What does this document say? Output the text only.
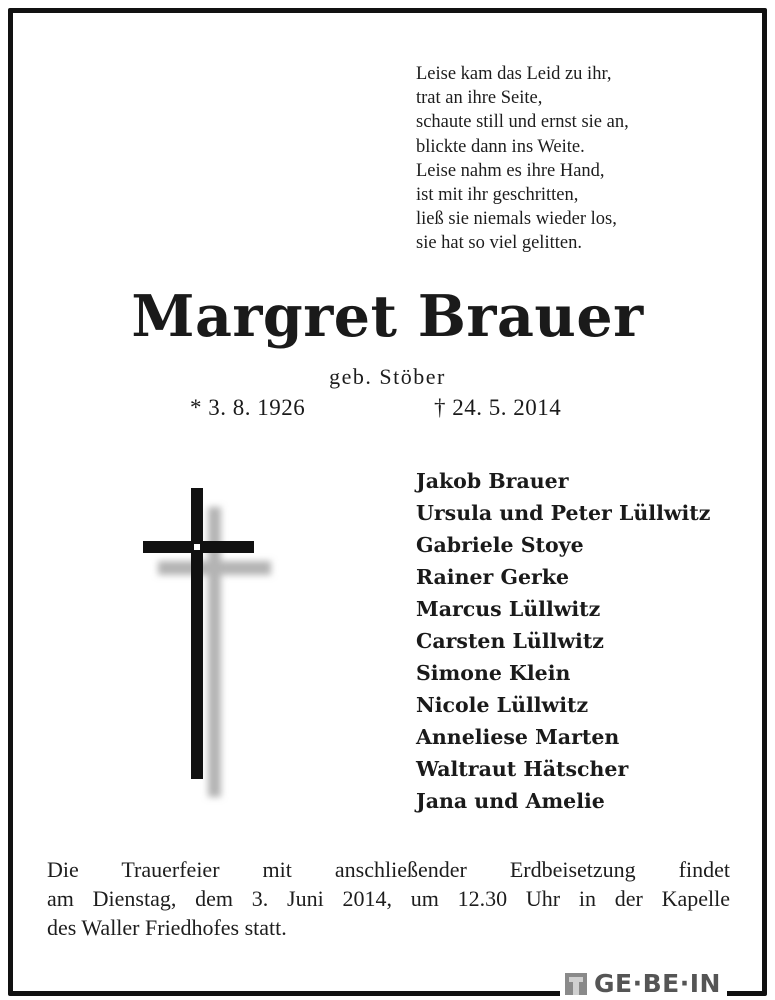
Leise kam das Leid zu ihr,
trat an ihre Seite,
schaute still und ernst sie an,
blickte dann ins Weite.
Leise nahm es ihre Hand,
ist mit ihr geschritten,
ließ sie niemals wieder los,
sie hat so viel gelitten.
Margret Brauer
geb. Stöber
* 3. 8. 1926	† 24. 5. 2014
Jakob Brauer
Ursula und Peter Lüllwitz
Gabriele Stoye
Rainer Gerke
Marcus Lüllwitz
Carsten Lüllwitz
Simone Klein
Nicole Lüllwitz
Anneliese Marten
Waltraut Hätscher
Jana und Amelie
Die Trauerfeier mit anschließender Erdbeisetzung findet
am Dienstag, dem 3. Juni 2014, um 12.30 Uhr in der Kapelle
des Waller Friedhofes statt.
GE·BE·IN
